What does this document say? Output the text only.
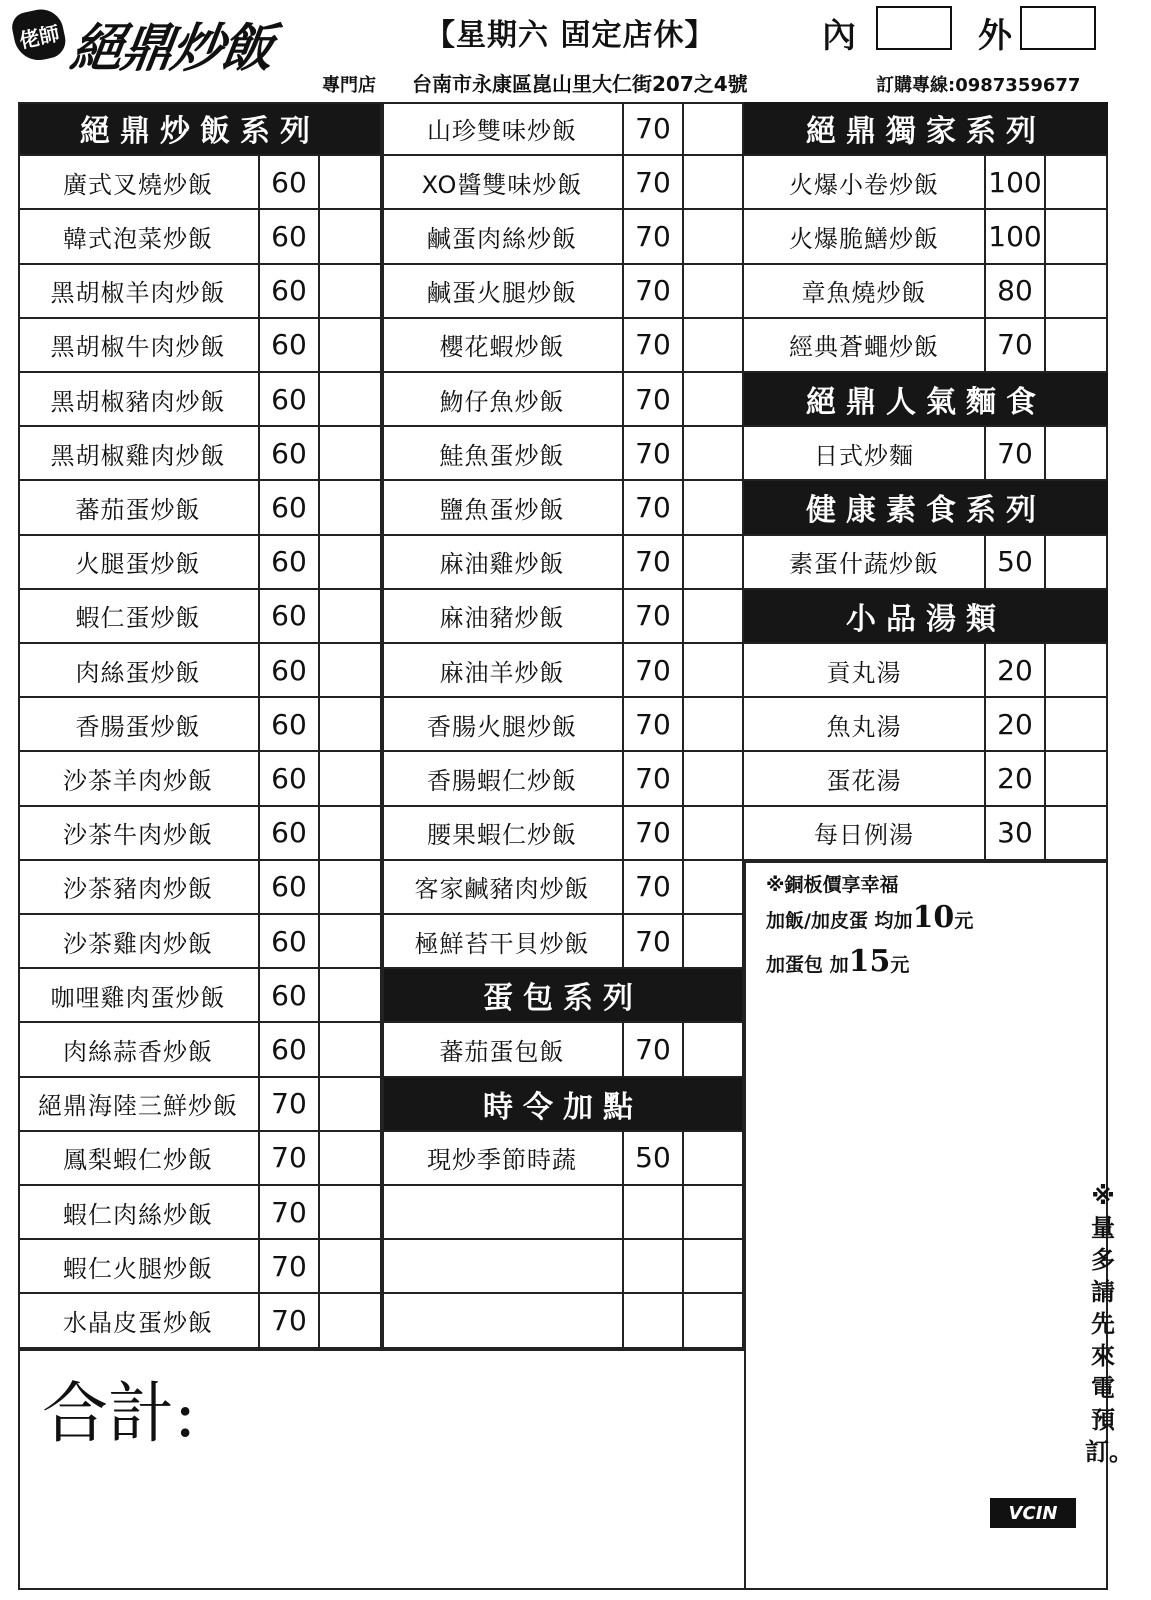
佬師 絕鼎炒飯	【星期六 固定店休】	內	外
專門店 台南市永康區崑山里大仁街207之4號	訂購專線:0987359677
絕鼎炒飯系列
廣式叉燒炒飯	60
韓式泡菜炒飯	60
黑胡椒羊肉炒飯	60
黑胡椒牛肉炒飯	60
黑胡椒豬肉炒飯	60
黑胡椒雞肉炒飯	60
蕃茄蛋炒飯	60
火腿蛋炒飯	60
蝦仁蛋炒飯	60
肉絲蛋炒飯	60
香腸蛋炒飯	60
沙茶羊肉炒飯	60
沙茶牛肉炒飯	60
沙茶豬肉炒飯	60
沙茶雞肉炒飯	60
咖哩雞肉蛋炒飯	60
肉絲蒜香炒飯	60
絕鼎海陸三鮮炒飯	70
鳳梨蝦仁炒飯	70
蝦仁肉絲炒飯	70
蝦仁火腿炒飯	70
水晶皮蛋炒飯	70
山珍雙味炒飯	70
XO醬雙味炒飯	70
鹹蛋肉絲炒飯	70
鹹蛋火腿炒飯	70
櫻花蝦炒飯	70
魩仔魚炒飯	70
鮭魚蛋炒飯	70
鹽魚蛋炒飯	70
麻油雞炒飯	70
麻油豬炒飯	70
麻油羊炒飯	70
香腸火腿炒飯	70
香腸蝦仁炒飯	70
腰果蝦仁炒飯	70
客家鹹豬肉炒飯	70
極鮮苔干貝炒飯	70
蛋包系列
蕃茄蛋包飯	70
時令加點
現炒季節時蔬	50
絕鼎獨家系列
火爆小卷炒飯	100
火爆脆鱔炒飯	100
章魚燒炒飯	80
經典蒼蠅炒飯	70
絕鼎人氣麵食
日式炒麵	70
健康素食系列
素蛋什蔬炒飯	50
小品湯類
貢丸湯	20
魚丸湯	20
蛋花湯	20
每日例湯	30
※銅板價享幸福
加飯/加皮蛋 均加10元
加蛋包 加15元
合計:
※量多請先來電預訂。
VCIN
